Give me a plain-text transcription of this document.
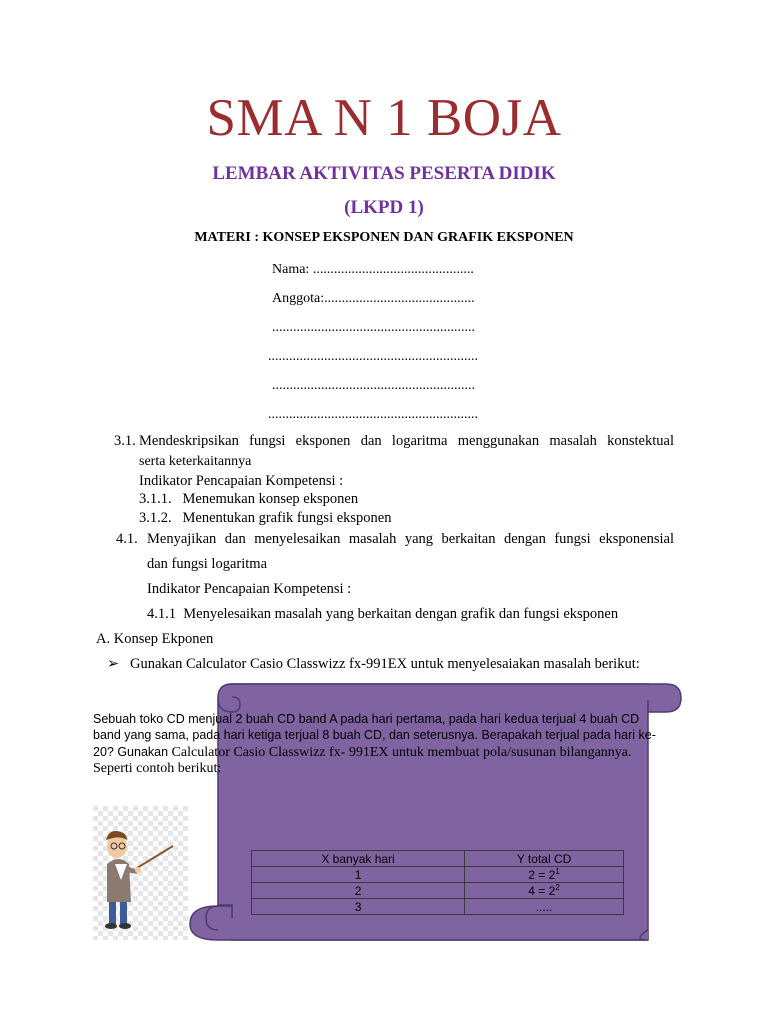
SMA N 1 BOJA
LEMBAR AKTIVITAS PESERTA DIDIK
(LKPD 1)
MATERI : KONSEP EKSPONEN DAN GRAFIK EKSPONEN
Nama: ..............................................
Anggota:...........................................
..........................................................
............................................................
..........................................................
............................................................
3.1. Mendeskripsikan fungsi eksponen dan logaritma menggunakan masalah konstektual
serta keterkaitannya
Indikator Pencapaian Kompetensi :
3.1.1.   Menemukan konsep eksponen
3.1.2.   Menentukan grafik fungsi eksponen
4.1. Menyajikan dan menyelesaikan masalah yang berkaitan dengan fungsi eksponensial
dan fungsi logaritma
Indikator Pencapaian Kompetensi :
4.1.1  Menyelesaikan masalah yang berkaitan dengan grafik dan fungsi eksponen
A. Konsep Ekponen
➢ Gunakan Calculator Casio Classwizz fx-991EX untuk menyelesaiakan masalah berikut:
Sebuah toko CD menjual 2 buah CD band A pada hari pertama, pada hari kedua terjual 4 buah CD
band yang sama, pada hari ketiga terjual 8 buah CD, dan seterusnya. Berapakah terjual pada hari ke-
20? Gunakan Calculator Casio Classwizz fx- 991EX untuk membuat pola/susunan bilangannya.
Seperti contoh berikut:
X banyak hari	Y total CD
1	$2 = 2^1$
2	$4 = 2^2$
3	.....
